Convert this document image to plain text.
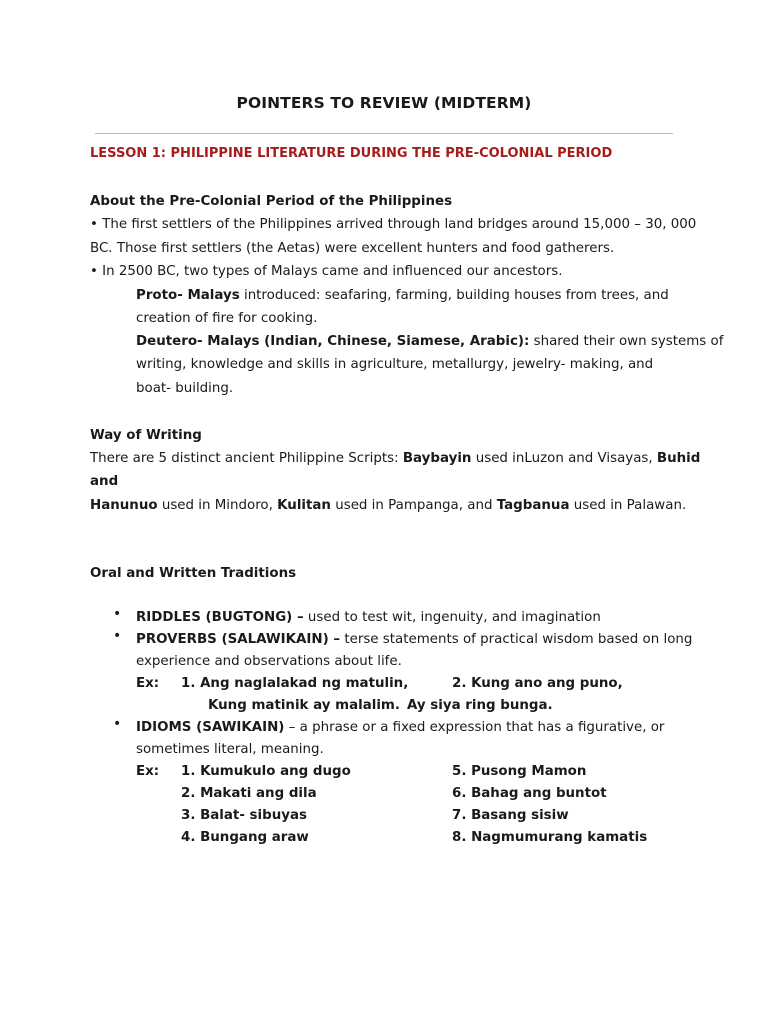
POINTERS TO REVIEW (MIDTERM)
LESSON 1: PHILIPPINE LITERATURE DURING THE PRE-COLONIAL PERIOD
About the Pre-Colonial Period of the Philippines
• The first settlers of the Philippines arrived through land bridges around 15,000 – 30, 000
BC. Those first settlers (the Aetas) were excellent hunters and food gatherers.
• In 2500 BC, two types of Malays came and influenced our ancestors.
Proto- Malays introduced: seafaring, farming, building houses from trees, and
creation of fire for cooking.
Deutero- Malays (Indian, Chinese, Siamese, Arabic): shared their own systems of
writing, knowledge and skills in agriculture, metallurgy, jewelry- making, and
boat- building.
Way of Writing
There are 5 distinct ancient Philippine Scripts: Baybayin used inLuzon and Visayas, Buhid
and
Hanunuo used in Mindoro, Kulitan used in Pampanga, and Tagbanua used in Palawan.
Oral and Written Traditions
• RIDDLES (BUGTONG) – used to test wit, ingenuity, and imagination
• PROVERBS (SALAWIKAIN) – terse statements of practical wisdom based on long
experience and observations about life.
Ex: 1. Ang naglalakad ng matulin,
Kung matinik ay malalim.
2. Kung ano ang puno,
Ay siya ring bunga.
• IDIOMS (SAWIKAIN) – a phrase or a fixed expression that has a figurative, or
sometimes literal, meaning.
Ex: 1. Kumukulo ang dugo
2. Makati ang dila
3. Balat- sibuyas
4. Bungang araw
5. Pusong Mamon
6. Bahag ang buntot
7. Basang sisiw
8. Nagmumurang kamatis
